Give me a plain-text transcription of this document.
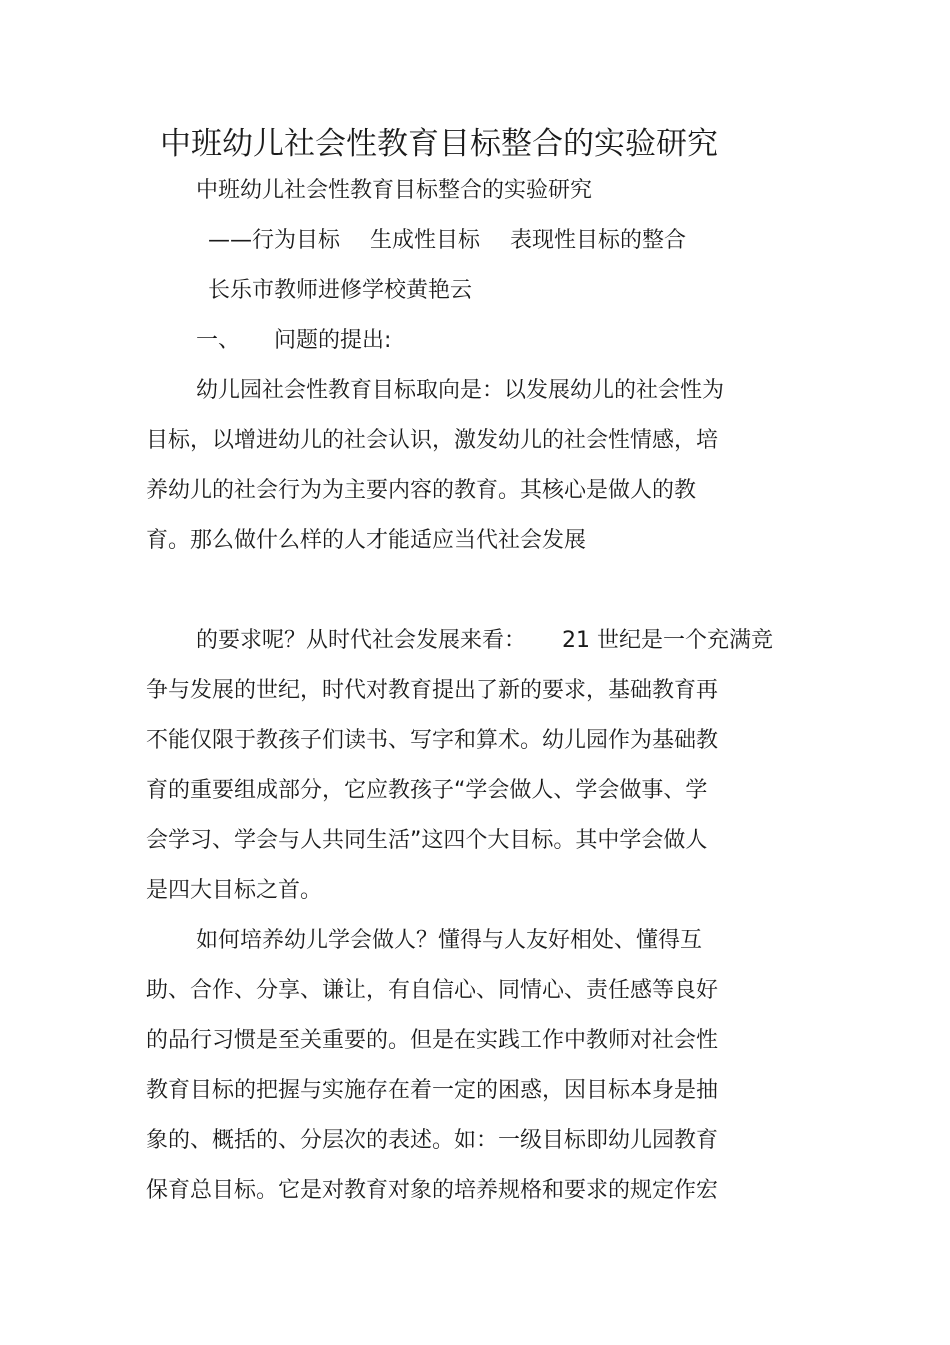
中班幼儿社会性教育目标整合的实验研究
中班幼儿社会性教育目标整合的实验研究
——行为目标 生成性目标 表现性目标的整合
长乐市教师进修学校黄艳云
一、 问题的提出:
幼儿园社会性教育目标取向是：以发展幼儿的社会性为
目标，以增进幼儿的社会认识，激发幼儿的社会性情感，培
养幼儿的社会行为为主要内容的教育。其核心是做人的教
育。那么做什么样的人才能适应当代社会发展
的要求呢？从时代社会发展来看： 21 世纪是一个充满竞
争与发展的世纪，时代对教育提出了新的要求，基础教育再
不能仅限于教孩子们读书、写字和算术。幼儿园作为基础教
育的重要组成部分，它应教孩子“学会做人、学会做事、学
会学习、学会与人共同生活”这四个大目标。其中学会做人
是四大目标之首。
如何培养幼儿学会做人？懂得与人友好相处、懂得互
助、合作、分享、谦让，有自信心、同情心、责任感等良好
的品行习惯是至关重要的。但是在实践工作中教师对社会性
教育目标的把握与实施存在着一定的困惑，因目标本身是抽
象的、概括的、分层次的表述。如：一级目标即幼儿园教育
保育总目标。它是对教育对象的培养规格和要求的规定作宏
